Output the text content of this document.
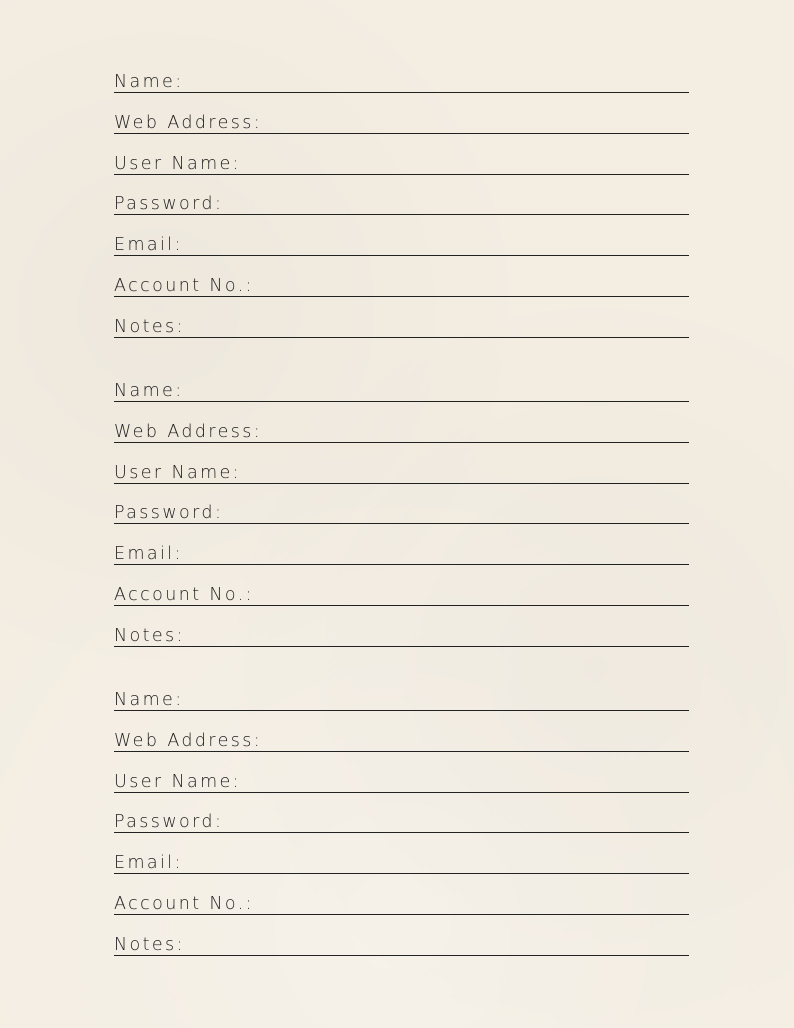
Name:
Web Address:
User Name:
Password:
Email:
Account No.:
Notes:
Name:
Web Address:
User Name:
Password:
Email:
Account No.:
Notes:
Name:
Web Address:
User Name:
Password:
Email:
Account No.:
Notes:
